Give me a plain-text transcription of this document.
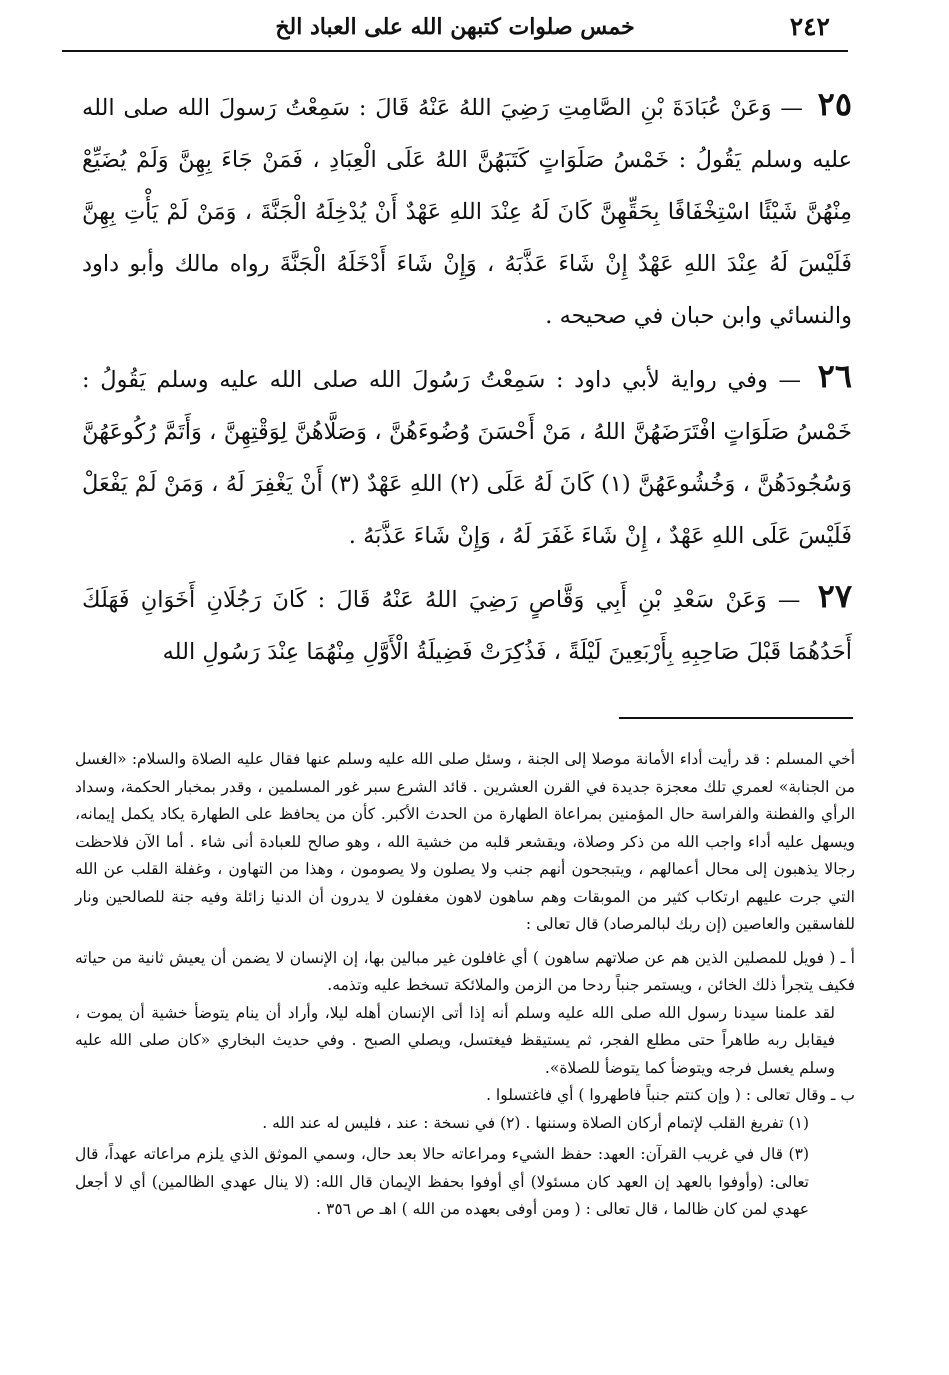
٢٤٢
خمس صلوات كتبهن الله على العباد الخ

٢٥ — وَعَنْ عُبَادَةَ بْنِ الصَّامِتِ رَضِيَ اللهُ عَنْهُ قَالَ : سَمِعْتُ رَسولَ الله صلى الله عليه وسلم يَقُولُ : خَمْسُ صَلَوَاتٍ كَتَبَهُنَّ اللهُ عَلَى الْعِبَادِ ، فَمَنْ جَاءَ بِهِنَّ وَلَمْ يُضَيِّعْ مِنْهُنَّ شَيْئًا اسْتِخْفَافًا بِحَقِّهِنَّ كَانَ لَهُ عِنْدَ اللهِ عَهْدٌ أَنْ يُدْخِلَهُ الْجَنَّةَ ، وَمَنْ لَمْ يَأْتِ بِهِنَّ فَلَيْسَ لَهُ عِنْدَ اللهِ عَهْدٌ إِنْ شَاءَ عَذَّبَهُ ، وَإِنْ شَاءَ أَدْخَلَهُ الْجَنَّةَ رواه مالك وأبو داود والنسائي وابن حبان في صحيحه .

٢٦ — وفي رواية لأبي داود : سَمِعْتُ رَسُولَ الله صلى الله عليه وسلم يَقُولُ : خَمْسُ صَلَوَاتٍ افْتَرَضَهُنَّ اللهُ ، مَنْ أَحْسَنَ وُضُوءَهُنَّ ، وَصَلَّاهُنَّ لِوَقْتِهِنَّ ، وَأَتَمَّ رُكُوعَهُنَّ وَسُجُودَهُنَّ ، وَخُشُوعَهُنَّ (١) كَانَ لَهُ عَلَى (٢) اللهِ عَهْدٌ (٣) أَنْ يَغْفِرَ لَهُ ، وَمَنْ لَمْ يَفْعَلْ فَلَيْسَ عَلَى اللهِ عَهْدٌ ، إِنْ شَاءَ غَفَرَ لَهُ ، وَإِنْ شَاءَ عَذَّبَهُ .

٢٧ — وَعَنْ سَعْدِ بْنِ أَبِي وَقَّاصٍ رَضِيَ اللهُ عَنْهُ قَالَ : كَانَ رَجُلَانِ أَخَوَانِ فَهَلَكَ أَحَدُهُمَا قَبْلَ صَاحِبِهِ بِأَرْبَعِينَ لَيْلَةً ، فَذُكِرَتْ فَضِيلَةُ الْأَوَّلِ مِنْهُمَا عِنْدَ رَسُولِ الله

أخي المسلم : قد رأيت أداء الأمانة موصلا إلى الجنة ، وسئل صلى الله عليه وسلم عنها فقال عليه الصلاة والسلام: «الغسل من الجنابة» لعمري تلك معجزة جديدة في القرن العشرين . قائد الشرع سبر غور المسلمين ، وقدر بمخبار الحكمة، وسداد الرأي والفطنة والفراسة حال المؤمنين بمراعاة الطهارة من الحدث الأكبر. كأن من يحافظ على الطهارة يكاد يكمل إيمانه، ويسهل عليه أداء واجب الله من ذكر وصلاة، ويقشعر قلبه من خشية الله ، وهو صالح للعبادة أنى شاء . أما الآن فلاحظت رجالا يذهبون إلى محال أعمالهم ، ويتبجحون أنهم جنب ولا يصلون ولا يصومون ، وهذا من التهاون ، وغفلة القلب عن الله التي جرت عليهم ارتكاب كثير من الموبقات وهم ساهون لاهون مغفلون لا يدرون أن الدنيا زائلة وفيه جنة للصالحين ونار للفاسقين والعاصين (إن ربك لبالمرصاد) قال تعالى :

أ ـ ( فويل للمصلين الذين هم عن صلاتهم ساهون ) أي غافلون غير مبالين بها، إن الإنسان لا يضمن أن يعيش ثانية من حياته فكيف يتجرأ ذلك الخائن ، ويستمر جنباً ردحا من الزمن والملائكة تسخط عليه وتذمه.

لقد علمنا سيدنا رسول الله صلى الله عليه وسلم أنه إذا أتى الإنسان أهله ليلا، وأراد أن ينام يتوضأ خشية أن يموت ، فيقابل ربه طاهراً حتى مطلع الفجر، ثم يستيقظ فيغتسل، ويصلي الصبح . وفي حديث البخاري «كان صلى الله عليه وسلم يغسل فرجه ويتوضأ كما يتوضأ للصلاة».

ب ـ وقال تعالى : ( وإن كنتم جنباً فاطهروا ) أي فاغتسلوا .

(١) تفريغ القلب لإتمام أركان الصلاة وسننها . (٢) في نسخة : عند ، فليس له عند الله .

(٣) قال في غريب القرآن: العهد: حفظ الشيء ومراعاته حالا بعد حال، وسمي الموثق الذي يلزم مراعاته عهداً، قال تعالى: (وأوفوا بالعهد إن العهد كان مسئولا) أي أوفوا بحفظ الإيمان قال الله: (لا ينال عهدي الظالمين) أي لا أجعل عهدي لمن كان ظالما ، قال تعالى : ( ومن أوفى بعهده من الله ) اهـ ص ٣٥٦ .
